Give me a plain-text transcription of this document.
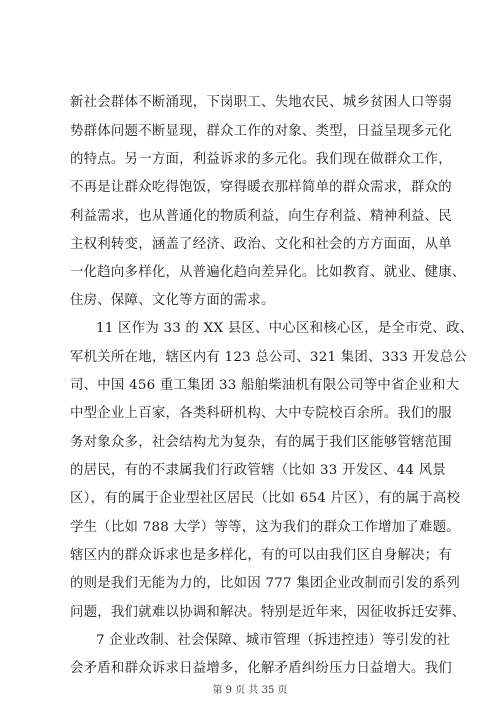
新社会群体不断涌现，下岗职工、失地农民、城乡贫困人口等弱
势群体问题不断显现，群众工作的对象、类型，日益呈现多元化
的特点。另一方面，利益诉求的多元化。我们现在做群众工作，
不再是让群众吃得饱饭，穿得暖衣那样简单的群众需求，群众的
利益需求，也从普通化的物质利益，向生存利益、精神利益、民
主权利转变，涵盖了经济、政治、文化和社会的方方面面，从单
一化趋向多样化，从普遍化趋向差异化。比如教育、就业、健康、
住房、保障、文化等方面的需求。
11 区作为 33 的 XX 县区、中心区和核心区，是全市党、政、
军机关所在地，辖区内有 123 总公司、321 集团、333 开发总公
司、中国 456 重工集团 33 船舶柴油机有限公司等中省企业和大
中型企业上百家，各类科研机构、大中专院校百余所。我们的服
务对象众多，社会结构尤为复杂，有的属于我们区能够管辖范围
的居民，有的不隶属我们行政管辖（比如 33 开发区、44 风景
区），有的属于企业型社区居民（比如 654 片区），有的属于高校
学生（比如 788 大学）等等，这为我们的群众工作增加了难题。
辖区内的群众诉求也是多样化，有的可以由我们区自身解决；有
的则是我们无能为力的，比如因 777 集团企业改制而引发的系列
问题，我们就难以协调和解决。特别是近年来，因征收拆迁安葬、
7 企业改制、社会保障、城市管理（拆违控违）等引发的社
会矛盾和群众诉求日益增多，化解矛盾纠纷压力日益增大。我们
第 9 页 共 35 页
